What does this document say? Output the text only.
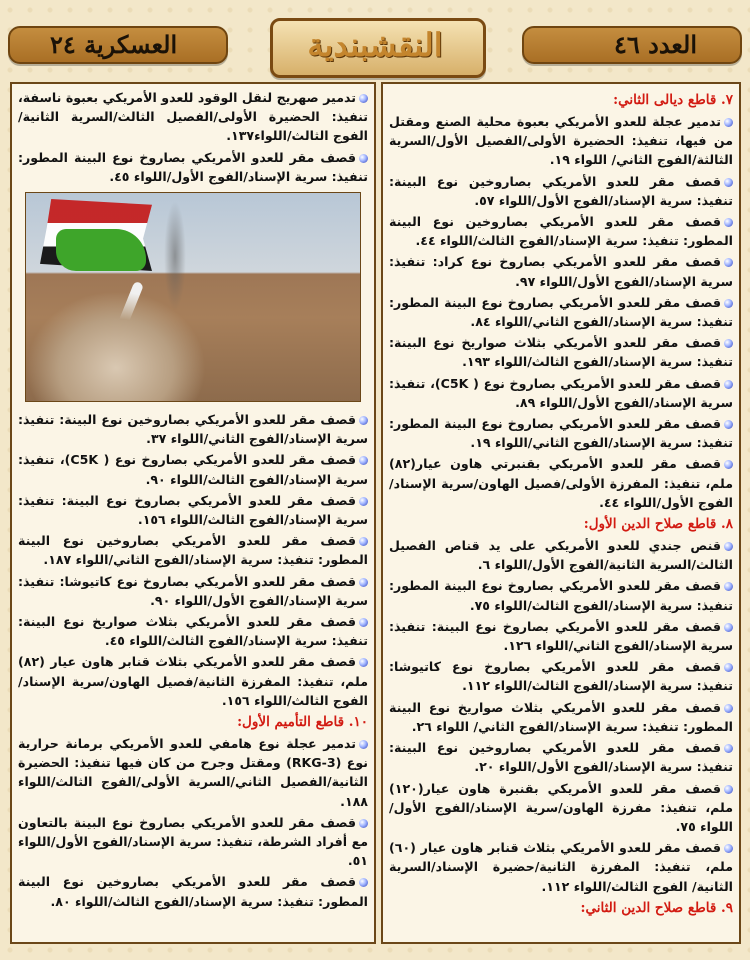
العسكرية ٢٤	النقشبندية	العدد ٤٦
٧. قاطع ديالى الثاني:
تدمير عجلة للعدو الأمريكي بعبوة محلية الصنع ومقتل من فيها، تنفيذ: الحضيرة الأولى/الفصيل الأول/السرية الثالثة/الفوج الثاني/ اللواء ١٩.
قصف مقر للعدو الأمريكي بصاروخين نوع البينة: تنفيذ: سرية الإسناد/الفوج الأول/اللواء ٥٧.
قصف مقر للعدو الأمريكي بصاروخين نوع البينة المطور: تنفيذ: سرية الإسناد/الفوج الثالث/اللواء ٤٤.
قصف مقر للعدو الأمريكي بصاروخ نوع كراد: تنفيذ: سرية الإسناد/الفوج الأول/اللواء ٩٧.
قصف مقر للعدو الأمريكي بصاروخ نوع البينة المطور: تنفيذ: سرية الإسناد/الفوج الثاني/اللواء ٨٤.
قصف مقر للعدو الأمريكي بثلاث صواريخ نوع البينة: تنفيذ: سرية الإسناد/الفوج الثالث/اللواء ١٩٣.
قصف مقر للعدو الأمريكي بصاروخ نوع ( C5K)، تنفيذ: سرية الإسناد/الفوج الأول/اللواء ٨٩.
قصف مقر للعدو الأمريكي بصاروخ نوع البينة المطور: تنفيذ: سرية الإسناد/الفوج الثاني/اللواء ١٩.
قصف مقر للعدو الأمريكي بقنبرتي هاون عيار(٨٢) ملم، تنفيذ: المفرزة الأولى/فصيل الهاون/سرية الإسناد/ الفوج الأول/اللواء ٤٤.
٨. قاطع صلاح الدين الأول:
قنص جندي للعدو الأمريكي على يد قناص الفصيل الثالث/السرية الثانية/الفوج الأول/اللواء ٦.
قصف مقر للعدو الأمريكي بصاروخ نوع البينة المطور: تنفيذ: سرية الإسناد/الفوج الثالث/اللواء ٧٥.
قصف مقر للعدو الأمريكي بصاروخ نوع البينة: تنفيذ: سرية الإسناد/الفوج الثاني/اللواء ١٢٦.
قصف مقر للعدو الأمريكي بصاروخ نوع كاتيوشا: تنفيذ: سرية الإسناد/الفوج الثالث/اللواء ١١٢.
قصف مقر للعدو الأمريكي بثلاث صواريخ نوع البينة المطور: تنفيذ: سرية الإسناد/الفوج الثاني/ اللواء ٢٦.
قصف مقر للعدو الأمريكي بصاروخين نوع البينة: تنفيذ: سرية الإسناد/الفوج الأول/اللواء ٢٠.
قصف مقر للعدو الأمريكي بقنبرة هاون عيار(١٢٠) ملم، تنفيذ: مفرزة الهاون/سرية الإسناد/الفوج الأول/اللواء ٧٥.
قصف مقر للعدو الأمريكي بثلاث قنابر هاون عيار (٦٠) ملم، تنفيذ: المفرزة الثانية/حضيرة الإسناد/السرية الثانية/ الفوج الثالث/اللواء ١١٢.
٩. قاطع صلاح الدين الثاني:
تدمير صهريج لنقل الوقود للعدو الأمريكي بعبوة ناسفة، تنفيذ: الحضيرة الأولى/الفصيل الثالث/السرية الثانية/الفوج الثالث/اللواء١٣٧.
قصف مقر للعدو الأمريكي بصاروخ نوع البينة المطور: تنفيذ: سرية الإسناد/الفوج الأول/اللواء ٤٥.
قصف مقر للعدو الأمريكي بصاروخين نوع البينة: تنفيذ: سرية الإسناد/الفوج الثاني/اللواء ٣٧.
قصف مقر للعدو الأمريكي بصاروخ نوع ( C5K)، تنفيذ: سرية الإسناد/الفوج الثالث/اللواء ٩٠.
قصف مقر للعدو الأمريكي بصاروخ نوع البينة: تنفيذ: سرية الإسناد/الفوج الثالث/اللواء ١٥٦.
قصف مقر للعدو الأمريكي بصاروخين نوع البينة المطور: تنفيذ: سرية الإسناد/الفوج الثاني/اللواء ١٨٧.
قصف مقر للعدو الأمريكي بصاروخ نوع كاتيوشا: تنفيذ: سرية الإسناد/الفوج الأول/اللواء ٩٠.
قصف مقر للعدو الأمريكي بثلاث صواريخ نوع البينة: تنفيذ: سرية الإسناد/الفوج الثالث/اللواء ٤٥.
قصف مقر للعدو الأمريكي بثلاث قنابر هاون عيار (٨٢) ملم، تنفيذ: المفرزة الثانية/فصيل الهاون/سرية الإسناد/الفوج الثالث/اللواء ١٥٦.
١٠. قاطع التأميم الأول:
تدمير عجلة نوع هامفي للعدو الأمريكي برمانة حرارية نوع (RKG-3) ومقتل وجرح من كان فيها تنفيذ: الحضيرة الثانية/الفصيل الثاني/السرية الأولى/الفوج الثالث/اللواء ١٨٨.
قصف مقر للعدو الأمريكي بصاروخ نوع البينة بالتعاون مع أفراد الشرطة، تنفيذ: سرية الإسناد/الفوج الأول/اللواء ٥١.
قصف مقر للعدو الأمريكي بصاروخين نوع البينة المطور: تنفيذ: سرية الإسناد/الفوج الثالث/اللواء ٨٠.
